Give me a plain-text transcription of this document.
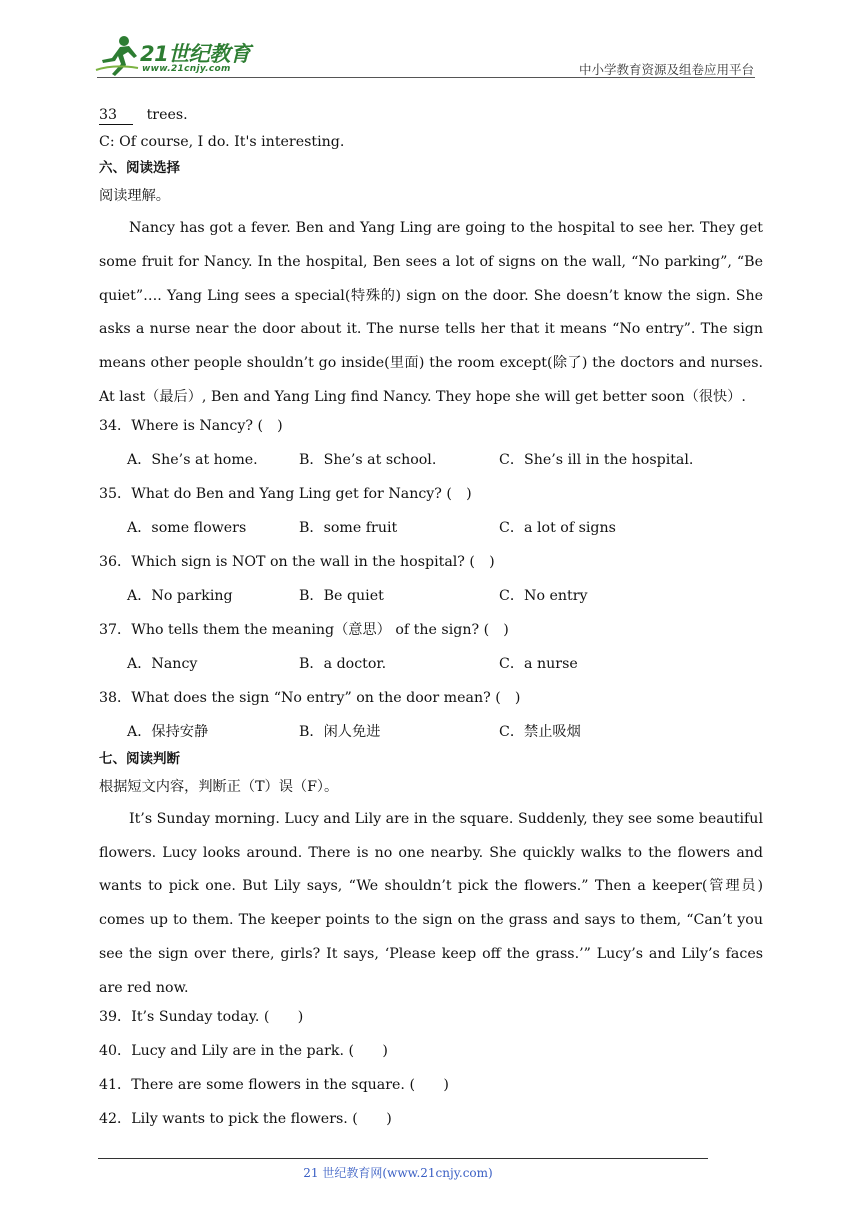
21世纪教育
www.21cnjy.com	中小学教育资源及组卷应用平台
33 trees.
C: Of course, I do. It's interesting.
六、阅读选择
阅读理解。

Nancy has got a fever. Ben and Yang Ling are going to the hospital to see her. They get some fruit for Nancy. In the hospital, Ben sees a lot of signs on the wall, “No parking”, “Be quiet”…. Yang Ling sees a special(特殊的) sign on the door. She doesn’t know the sign. She asks a nurse near the door about it. The nurse tells her that it means “No entry”. The sign means other people shouldn’t go inside(里面) the room except(除了) the doctors and nurses. At last（最后）, Ben and Yang Ling find Nancy. They hope she will get better soon（很快）.

34．Where is Nancy? (　)
A．She’s at home.	B．She’s at school.	C．She’s ill in the hospital.
35．What do Ben and Yang Ling get for Nancy? (　)
A．some flowers	B．some fruit	C．a lot of signs
36．Which sign is NOT on the wall in the hospital? (　)
A．No parking	B．Be quiet	C．No entry
37．Who tells them the meaning（意思） of the sign? (　)
A．Nancy	B．a doctor.	C．a nurse
38．What does the sign “No entry” on the door mean? (　)
A．保持安静	B．闲人免进	C．禁止吸烟
七、阅读判断
根据短文内容，判断正（T）误（F）。

It’s Sunday morning. Lucy and Lily are in the square. Suddenly, they see some beautiful flowers. Lucy looks around. There is no one nearby. She quickly walks to the flowers and wants to pick one. But Lily says, “We shouldn’t pick the flowers.” Then a keeper(管理员) comes up to them. The keeper points to the sign on the grass and says to them, “Can’t you see the sign over there, girls? It says, ‘Please keep off the grass.’” Lucy’s and Lily’s faces are red now.

39．It’s Sunday today. (　　)
40．Lucy and Lily are in the park. (　　)
41．There are some flowers in the square. (　　)
42．Lily wants to pick the flowers. (　　)
21 世纪教育网(www.21cnjy.com)
